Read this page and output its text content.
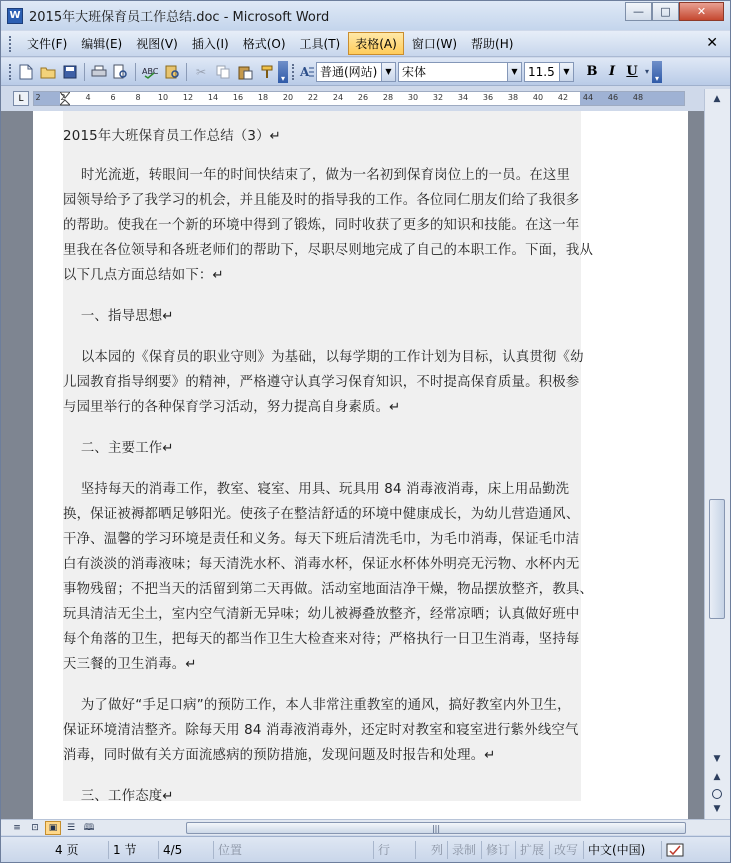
W 2015年大班保育员工作总结.doc - Microsoft Word	—	□	✕
文件(F)	编辑(E)	视图(V)	插入(I)	格式(O)	工具(T)	表格(A)	窗口(W)	帮助(H)	✕
ABC	✂	▾ A 普通(网站)	▼ 宋体	▼ 11.5	▼	B I U ▾
▾
L	2 2 4 6 8 10 12 14 16 18 20 22 24 26 28 30 32 34 36 38 40 42 44 46 48
2015年大班保育员工作总结（3）↵
时光流逝，转眼间一年的时间快结束了，做为一名初到保育岗位上的一员。在这里
园领导给予了我学习的机会，并且能及时的指导我的工作。各位同仁朋友们给了我很多
的帮助。使我在一个新的环境中得到了锻炼，同时收获了更多的知识和技能。在这一年
里我在各位领导和各班老师们的帮助下，尽职尽则地完成了自己的本职工作。下面，我从
以下几点方面总结如下：↵
一、指导思想↵
以本园的《保育员的职业守则》为基础，以每学期的工作计划为目标，认真贯彻《幼
儿园教育指导纲要》的精神，严格遵守认真学习保育知识，不时提高保育质量。积极参
与园里举行的各种保育学习活动，努力提高自身素质。↵
二、主要工作↵
坚持每天的消毒工作，教室、寝室、用具、玩具用 84 消毒液消毒，床上用品勤洗
换，保证被褥都晒足够阳光。使孩子在整洁舒适的环境中健康成长，为幼儿营造通风、
干净、温馨的学习环境是责任和义务。每天下班后清洗毛巾，为毛巾消毒，保证毛巾洁
白有淡淡的消毒液味；每天清洗水杯、消毒水杯，保证水杯体外明亮无污物、水杯内无
事物残留；不把当天的活留到第二天再做。活动室地面洁净干燥，物品摆放整齐，教具、
玩具清洁无尘土，室内空气清新无异味；幼儿被褥叠放整齐，经常凉晒；认真做好班中
每个角落的卫生，把每天的都当作卫生大检查来对待；严格执行一日卫生消毒，坚持每
天三餐的卫生消毒。↵
为了做好“手足口病”的预防工作，本人非常注重教室的通风，搞好教室内外卫生，
保证环境清洁整齐。除每天用 84 消毒液消毒外，还定时对教室和寝室进行紫外线空气
消毒，同时做有关方面流感病的预防措施，发现问题及时报告和处理。↵
三、工作态度↵
▲
▼
▲
▼
≡	⊡	▣	☰ 🕮	|||
4 页	1 节	4/5	位置	行	列 录制 修订 扩展 改写 中文(中国)
